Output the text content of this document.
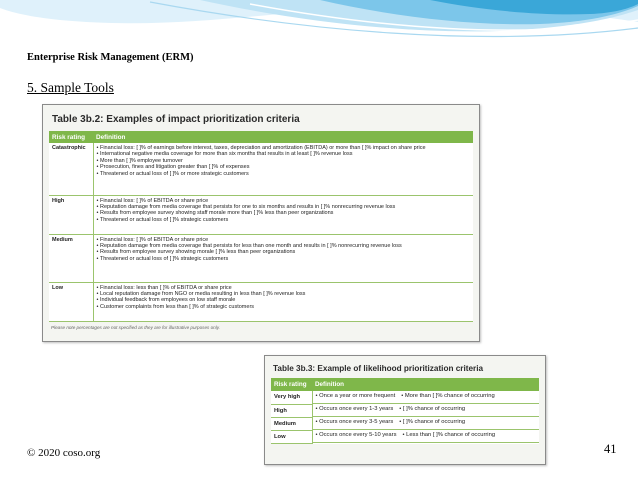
Enterprise Risk Management (ERM)
5. Sample Tools
Table 3b.2: Examples of impact prioritization criteria
Risk rating	Definition
Catastrophic	• Financial loss: [ ]% of earnings before interest, taxes, depreciation and amortization (EBITDA) or more than [ ]% impact on share price
• International negative media coverage for more than six months that results in at least [ ]% revenue loss
• More than [ ]% employee turnover
• Prosecution, fines and litigation greater than [ ]% of expenses
• Threatened or actual loss of [ ]% or more strategic customers

High	• Financial loss: [ ]% of EBITDA or share price
• Reputation damage from media coverage that persists for one to six months and results in [ ]% nonrecurring revenue loss
• Results from employee survey showing staff morale more than [ ]% less than peer organizations
• Threatened or actual loss of [ ]% strategic customers

Medium	• Financial loss: [ ]% of EBITDA or share price
• Reputation damage from media coverage that persists for less than one month and results in [ ]% nonrecurring revenue loss
• Results from employee survey showing morale [ ]% less than peer organizations
• Threatened or actual loss of [ ]% strategic customers

Low	• Financial loss: less than [ ]% of EBITDA or share price
• Local reputation damage from NGO or media resulting in less than [ ]% revenue loss
• Individual feedback from employees on low staff morale
• Customer complaints from less than [ ]% of strategic customers
Please note percentages are not specified as they are for illustrative purposes only.
Table 3b.3: Example of likelihood prioritization criteria
Risk rating	Definition
Very high		• Once a year or more frequent • More than [ ]% chance of occurring

High		• Occurs once every 1-3 years • [ ]% chance of occurring

Medium		• Occurs once every 3-5 years • [ ]% chance of occurring

Low		• Occurs once every 5-10 years • Less than [ ]% chance of occurring
© 2020 coso.org	41
